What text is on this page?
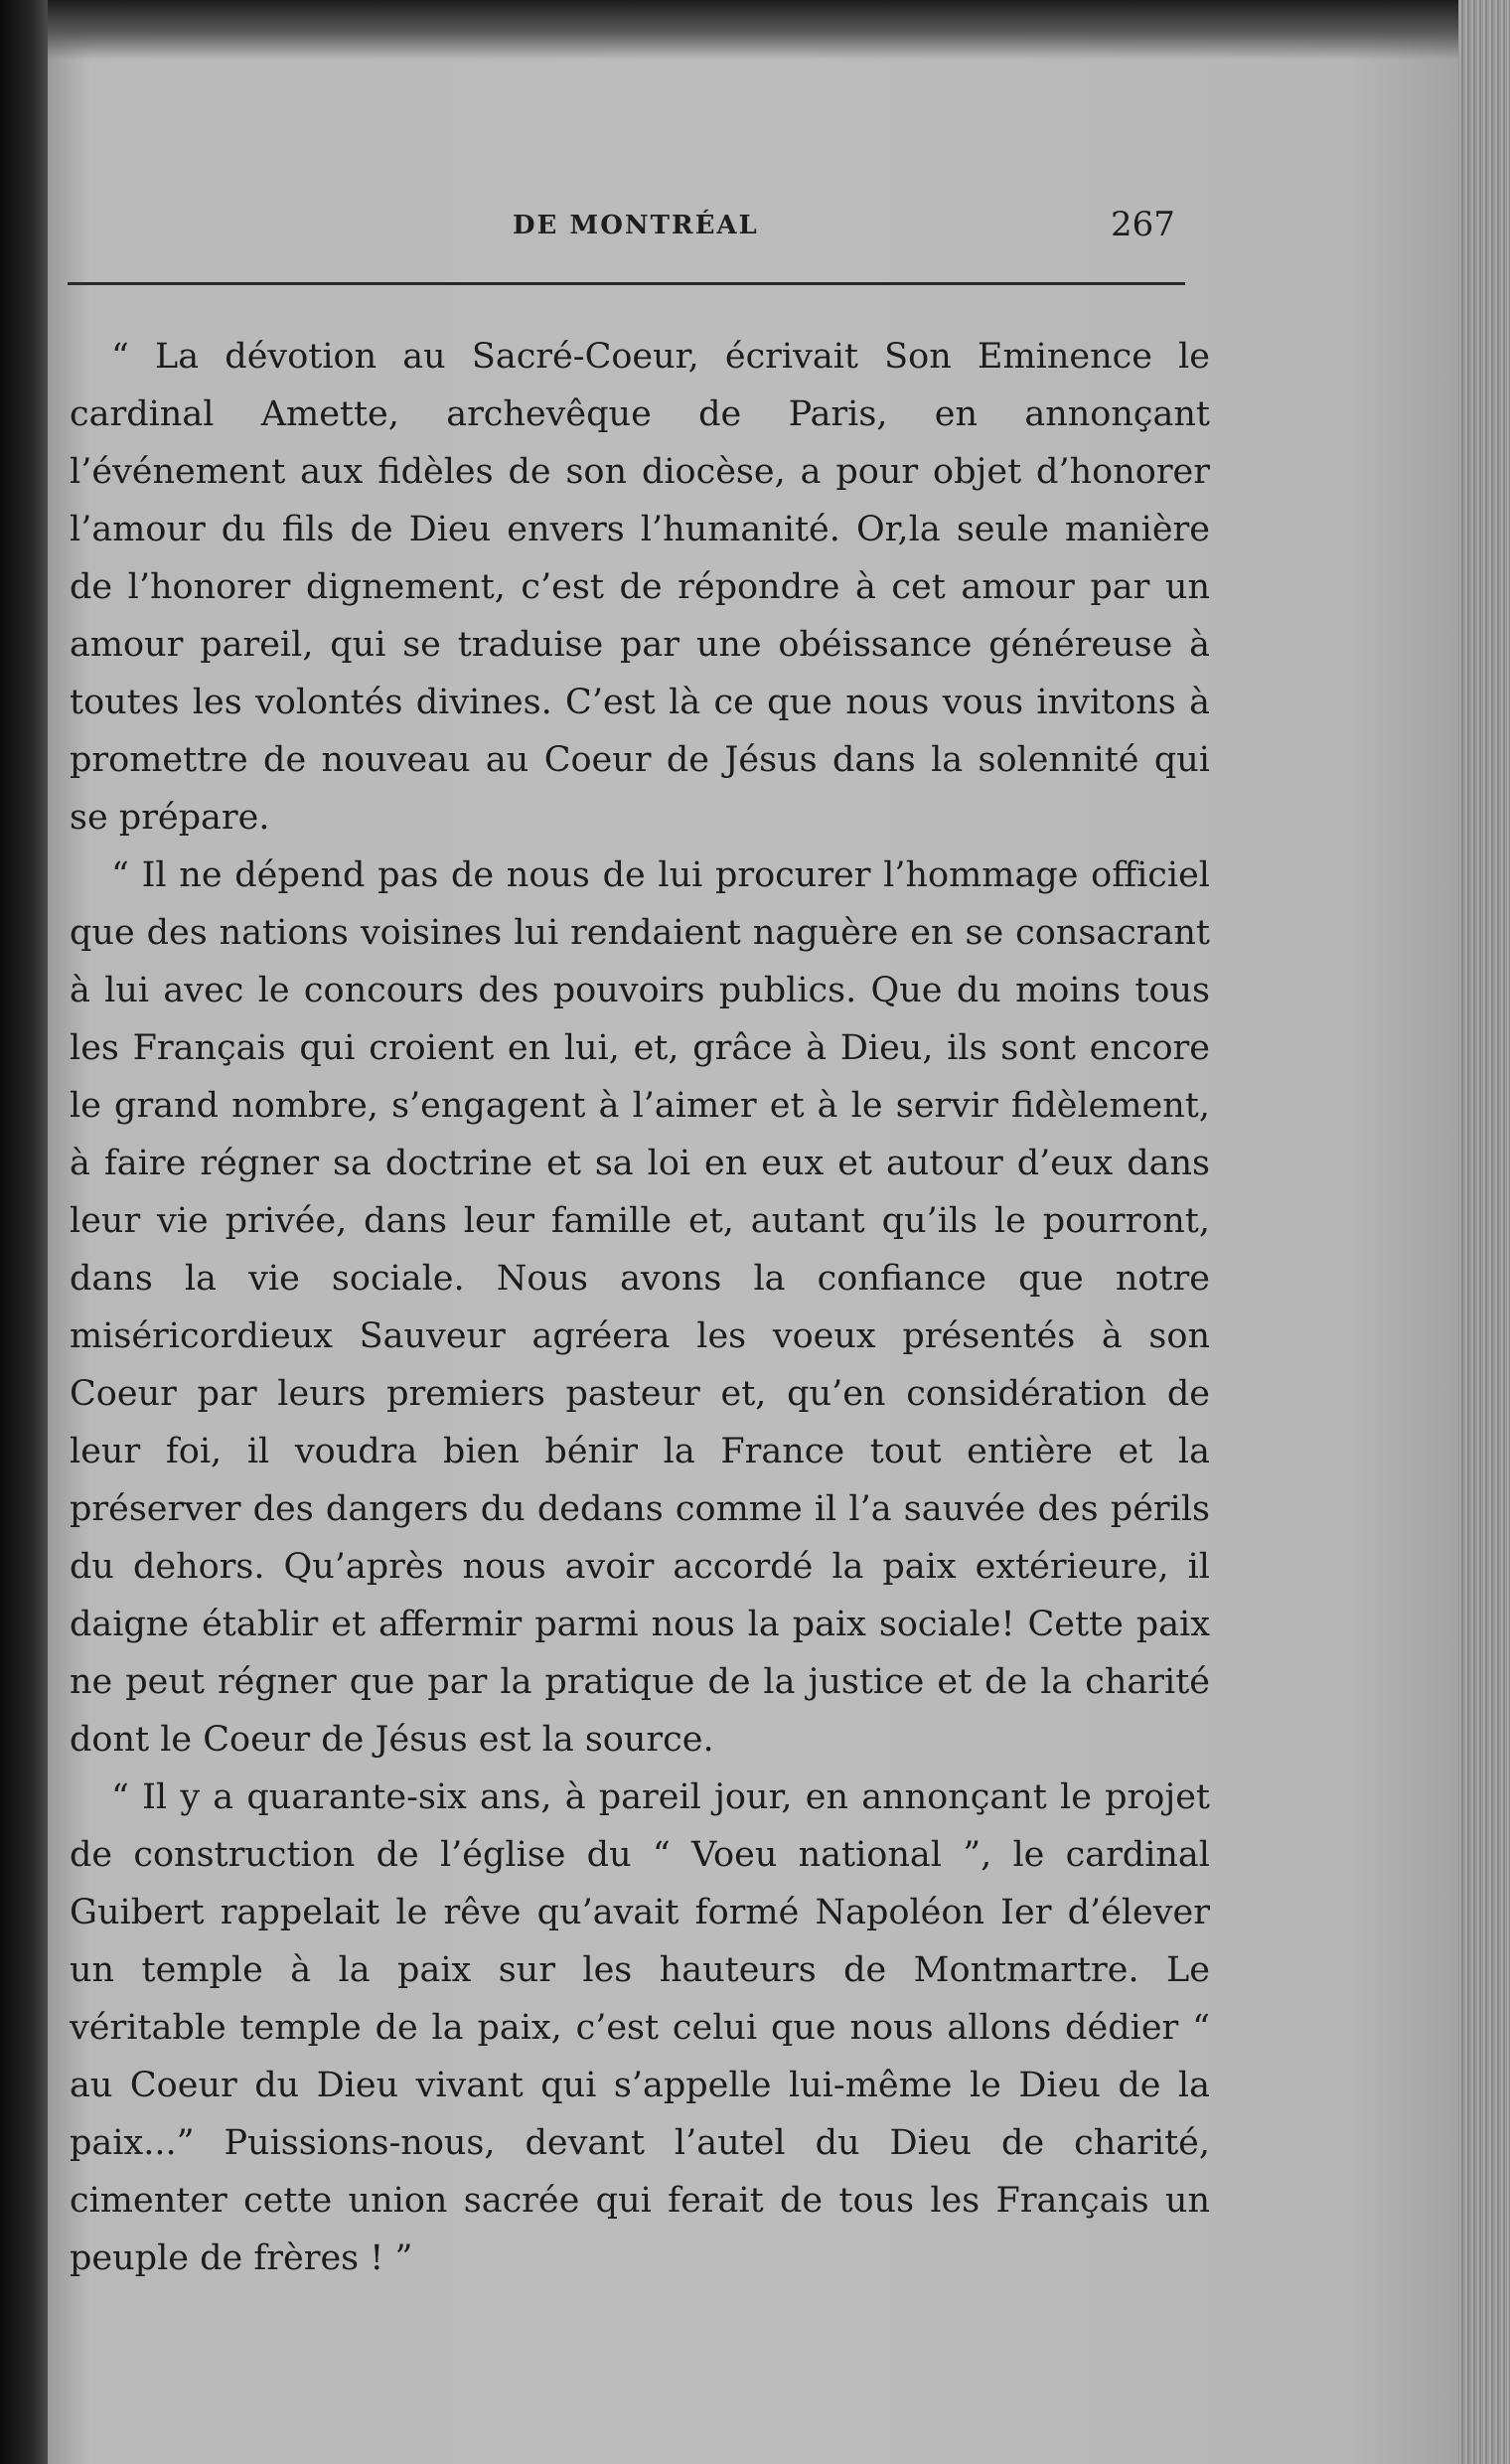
DE MONTRÉAL	267

“ La dévotion au Sacré-Coeur, écrivait Son Eminence le cardinal Amette, archevêque de Paris, en annonçant l’événement aux fidèles de son diocèse, a pour objet d’honorer l’amour du fils de Dieu envers l’humanité. Or,la seule manière de l’honorer dignement, c’est de répondre à cet amour par un amour pareil, qui se traduise par une obéissance généreuse à toutes les volontés divines. C’est là ce que nous vous invitons à promettre de nouveau au Coeur de Jésus dans la solennité qui se prépare.

“ Il ne dépend pas de nous de lui procurer l’hommage officiel que des nations voisines lui rendaient naguère en se consacrant à lui avec le concours des pouvoirs publics. Que du moins tous les Français qui croient en lui, et, grâce à Dieu, ils sont encore le grand nombre, s’engagent à l’aimer et à le servir fidèlement, à faire régner sa doctrine et sa loi en eux et autour d’eux dans leur vie privée, dans leur famille et, autant qu’ils le pourront, dans la vie sociale. Nous avons la confiance que notre miséricordieux Sauveur agréera les voeux présentés à son Coeur par leurs premiers pasteur et, qu’en considération de leur foi, il voudra bien bénir la France tout entière et la préserver des dangers du dedans comme il l’a sauvée des périls du dehors. Qu’après nous avoir accordé la paix extérieure, il daigne établir et affermir parmi nous la paix sociale! Cette paix ne peut régner que par la pratique de la justice et de la charité dont le Coeur de Jésus est la source.

“ Il y a quarante-six ans, à pareil jour, en annonçant le projet de construction de l’église du “ Voeu national ”, le cardinal Guibert rappelait le rêve qu’avait formé Napoléon Ier d’élever un temple à la paix sur les hauteurs de Montmartre. Le véritable temple de la paix, c’est celui que nous allons dédier “ au Coeur du Dieu vivant qui s’appelle lui-même le Dieu de la paix...” Puissions-nous, devant l’autel du Dieu de charité, cimenter cette union sacrée qui ferait de tous les Français un peuple de frères ! ”
